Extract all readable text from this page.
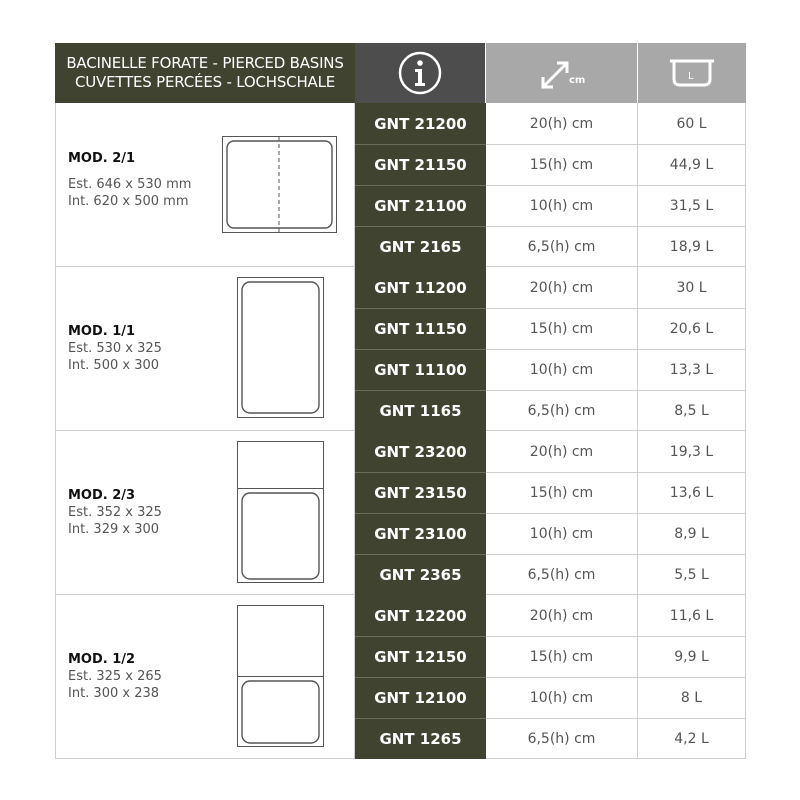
BACINELLE FORATE - PIERCED BASINS
CUVETTES PERCÉES - LOCHSCHALE	cm	L
MOD. 2/1
Est. 646 x 530 mm
Int. 620 x 500 mm
GNT 21200	20(h) cm	60 L
GNT 21150	15(h) cm	44,9 L
GNT 21100	10(h) cm	31,5 L
GNT 2165	6,5(h) cm	18,9 L
MOD. 1/1
Est. 530 x 325
Int. 500 x 300
GNT 11200	20(h) cm	30 L
GNT 11150	15(h) cm	20,6 L
GNT 11100	10(h) cm	13,3 L
GNT 1165	6,5(h) cm	8,5 L
MOD. 2/3
Est. 352 x 325
Int. 329 x 300
GNT 23200	20(h) cm	19,3 L
GNT 23150	15(h) cm	13,6 L
GNT 23100	10(h) cm	8,9 L
GNT 2365	6,5(h) cm	5,5 L
MOD. 1/2
Est. 325 x 265
Int. 300 x 238
GNT 12200	20(h) cm	11,6 L
GNT 12150	15(h) cm	9,9 L
GNT 12100	10(h) cm	8 L
GNT 1265	6,5(h) cm	4,2 L
